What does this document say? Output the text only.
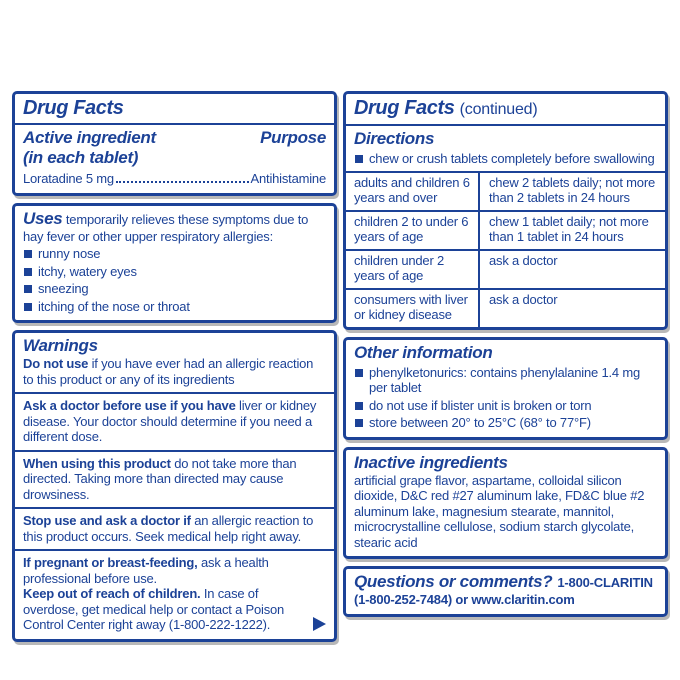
Drug Facts
Active ingredient	Purpose
(in each tablet)
Loratadine 5 mg	Antihistamine

Uses temporarily relieves these symptoms due to hay fever or other upper respiratory allergies:

runny nose
itchy, watery eyes
sneezing
itching of the nose or throat
Warnings

Do not use if you have ever had an allergic reaction to this product or any of its ingredients

Ask a doctor before use if you have liver or kidney disease. Your doctor should determine if you need a different dose.

When using this product do not take more than directed. Taking more than directed may cause drowsiness.

Stop use and ask a doctor if an allergic reaction to this product occurs. Seek medical help right away.

If pregnant or breast-feeding, ask a health professional before use.

Keep out of reach of children. In case of overdose, get medical help or contact a Poison Control Center right away (1-800-222-1222).

Drug Facts (continued)
Directions
chew or crush tablets completely before swallowing
adults and children 6 years and over
chew 2 tablets daily; not more than 2 tablets in 24 hours
children 2 to under 6 years of age
chew 1 tablet daily; not more than 1 tablet in 24 hours
children under 2 years of age
ask a doctor
consumers with liver or kidney disease
ask a doctor
Other information
phenylketonurics: contains phenylalanine 1.4 mg per tablet
do not use if blister unit is broken or torn
store between 20° to 25°C (68° to 77°F)
Inactive ingredients

artificial grape flavor, aspartame, colloidal silicon dioxide, D&C red #27 aluminum lake, FD&C blue #2 aluminum lake, magnesium stearate, mannitol, microcrystalline cellulose, sodium starch glycolate, stearic acid

Questions or comments? 1-800-CLARITIN
(1-800-252-7484) or www.claritin.com
